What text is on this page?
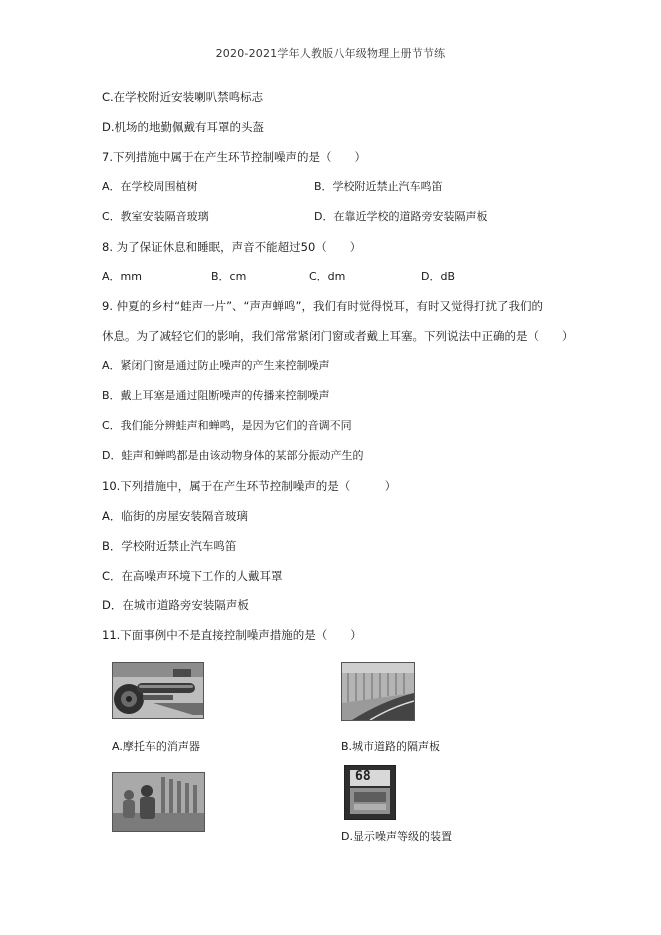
2020-2021学年人教版八年级物理上册节节练
C.在学校附近安装喇叭禁鸣标志
D.机场的地勤佩戴有耳罩的头盔
7.下列措施中属于在产生环节控制噪声的是（　　）
A．在学校周围植树	B．学校附近禁止汽车鸣笛
C．教室安装隔音玻璃	D．在靠近学校的道路旁安装隔声板
8. 为了保证休息和睡眠，声音不能超过50（　　）
A．mm	B．cm	C．dm	D．dB
9. 仲夏的乡村“蛙声一片”、“声声蝉鸣”，我们有时觉得悦耳，有时又觉得打扰了我们的
休息。为了减轻它们的影响，我们常常紧闭门窗或者戴上耳塞。下列说法中正确的是（　　）
A．紧闭门窗是通过防止噪声的产生来控制噪声
B．戴上耳塞是通过阻断噪声的传播来控制噪声
C．我们能分辨蛙声和蝉鸣，是因为它们的音调不同
D．蛙声和蝉鸣都是由该动物身体的某部分振动产生的
10.下列措施中，属于在产生环节控制噪声的是（　　　）
A．临街的房屋安装隔音玻璃
B．学校附近禁止汽车鸣笛
C．在高噪声环境下工作的人戴耳罩
D．在城市道路旁安装隔声板
11.下面事例中不是直接控制噪声措施的是（　　）
A.摩托车的消声器	B.城市道路的隔声板
68
D.显示噪声等级的装置
